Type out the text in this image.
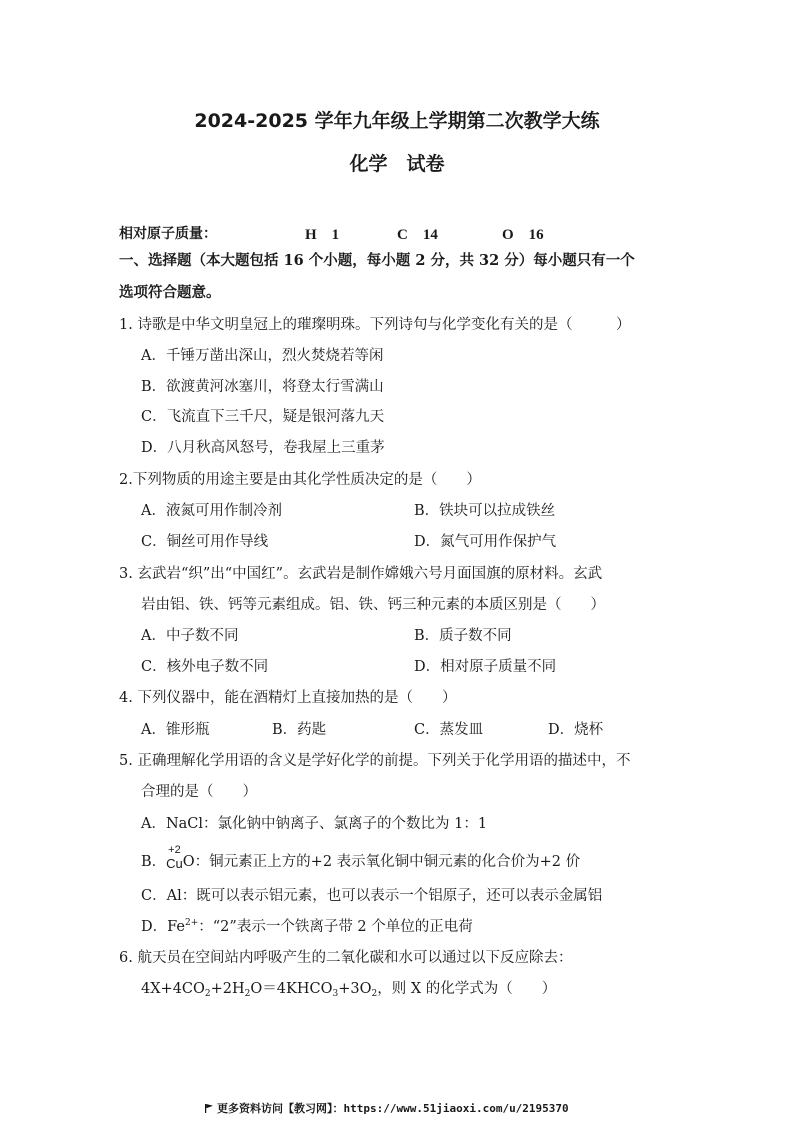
2024-2025 学年九年级上学期第二次教学大练
化学　试卷
相对原子质量：	H　1	C　14	O　16
一、选择题（本大题包括 16 个小题，每小题 2 分，共 32 分）每小题只有一个
选项符合题意。
1. 诗歌是中华文明皇冠上的璀璨明珠。下列诗句与化学变化有关的是（　　　）
A．千锤万凿出深山，烈火焚烧若等闲
B．欲渡黄河冰塞川，将登太行雪满山
C．飞流直下三千尺，疑是银河落九天
D．八月秋高风怒号，卷我屋上三重茅
2.下列物质的用途主要是由其化学性质决定的是（　　）
A．液氮可用作制冷剂	B．铁块可以拉成铁丝
C．铜丝可用作导线	D．氮气可用作保护气
3. 玄武岩“织”出“中国红”。玄武岩是制作嫦娥六号月面国旗的原材料。玄武
岩由铝、铁、钙等元素组成。铝、铁、钙三种元素的本质区别是（　　）
A．中子数不同	B．质子数不同
C．核外电子数不同	D．相对原子质量不同
4. 下列仪器中，能在酒精灯上直接加热的是（　　）
A．锥形瓶	B．药匙	C．蒸发皿	D．烧杯
5. 正确理解化学用语的含义是学好化学的前提。下列关于化学用语的描述中，不
合理的是（　　）
A．NaCl：氯化钠中钠离子、氯离子的个数比为 1：1
B．
+2
CuO：铜元素正上方的+2 表示氧化铜中铜元素的化合价为+2 价
C．Al：既可以表示铝元素，也可以表示一个铝原子，还可以表示金属铝
D．$Fe^{2+}$：“2”表示一个铁离子带 2 个单位的正电荷
6. 航天员在空间站内呼吸产生的二氧化碳和水可以通过以下反应除去：
$4X+4CO_2+2H_2O=4KHCO_3+3O_2$，则 X 的化学式为（　　）
更多资料访问【教习网】：https://www.51jiaoxi.com/u/2195370
